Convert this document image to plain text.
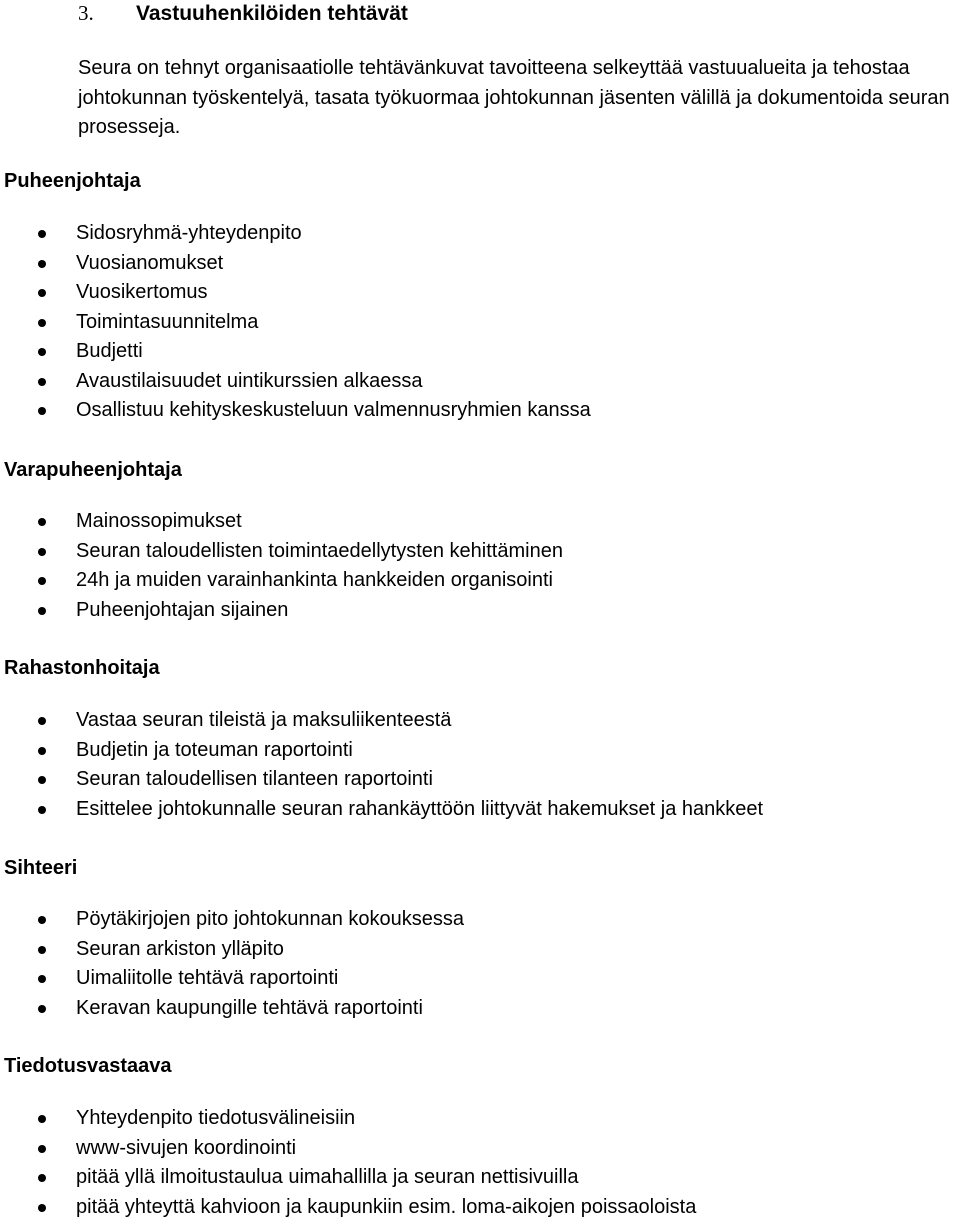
3. Vastuuhenkilöiden tehtävät

Seura on tehnyt organisaatiolle tehtävänkuvat tavoitteena selkeyttää vastuualueita ja tehostaa johtokunnan työskentelyä, tasata työkuormaa johtokunnan jäsenten välillä ja dokumentoida seuran prosesseja.

Puheenjohtaja
Sidosryhmä-yhteydenpito
Vuosianomukset
Vuosikertomus
Toimintasuunnitelma
Budjetti
Avaustilaisuudet uintikurssien alkaessa
Osallistuu kehityskeskusteluun valmennusryhmien kanssa
Varapuheenjohtaja
Mainossopimukset
Seuran taloudellisten toimintaedellytysten kehittäminen
24h ja muiden varainhankinta hankkeiden organisointi
Puheenjohtajan sijainen
Rahastonhoitaja
Vastaa seuran tileistä ja maksuliikenteestä
Budjetin ja toteuman raportointi
Seuran taloudellisen tilanteen raportointi
Esittelee johtokunnalle seuran rahankäyttöön liittyvät hakemukset ja hankkeet
Sihteeri
Pöytäkirjojen pito johtokunnan kokouksessa
Seuran arkiston ylläpito
Uimaliitolle tehtävä raportointi
Keravan kaupungille tehtävä raportointi
Tiedotusvastaava
Yhteydenpito tiedotusvälineisiin
www-sivujen koordinointi
pitää yllä ilmoitustaulua uimahallilla ja seuran nettisivuilla
pitää yhteyttä kahvioon ja kaupunkiin esim. loma-aikojen poissaoloista
